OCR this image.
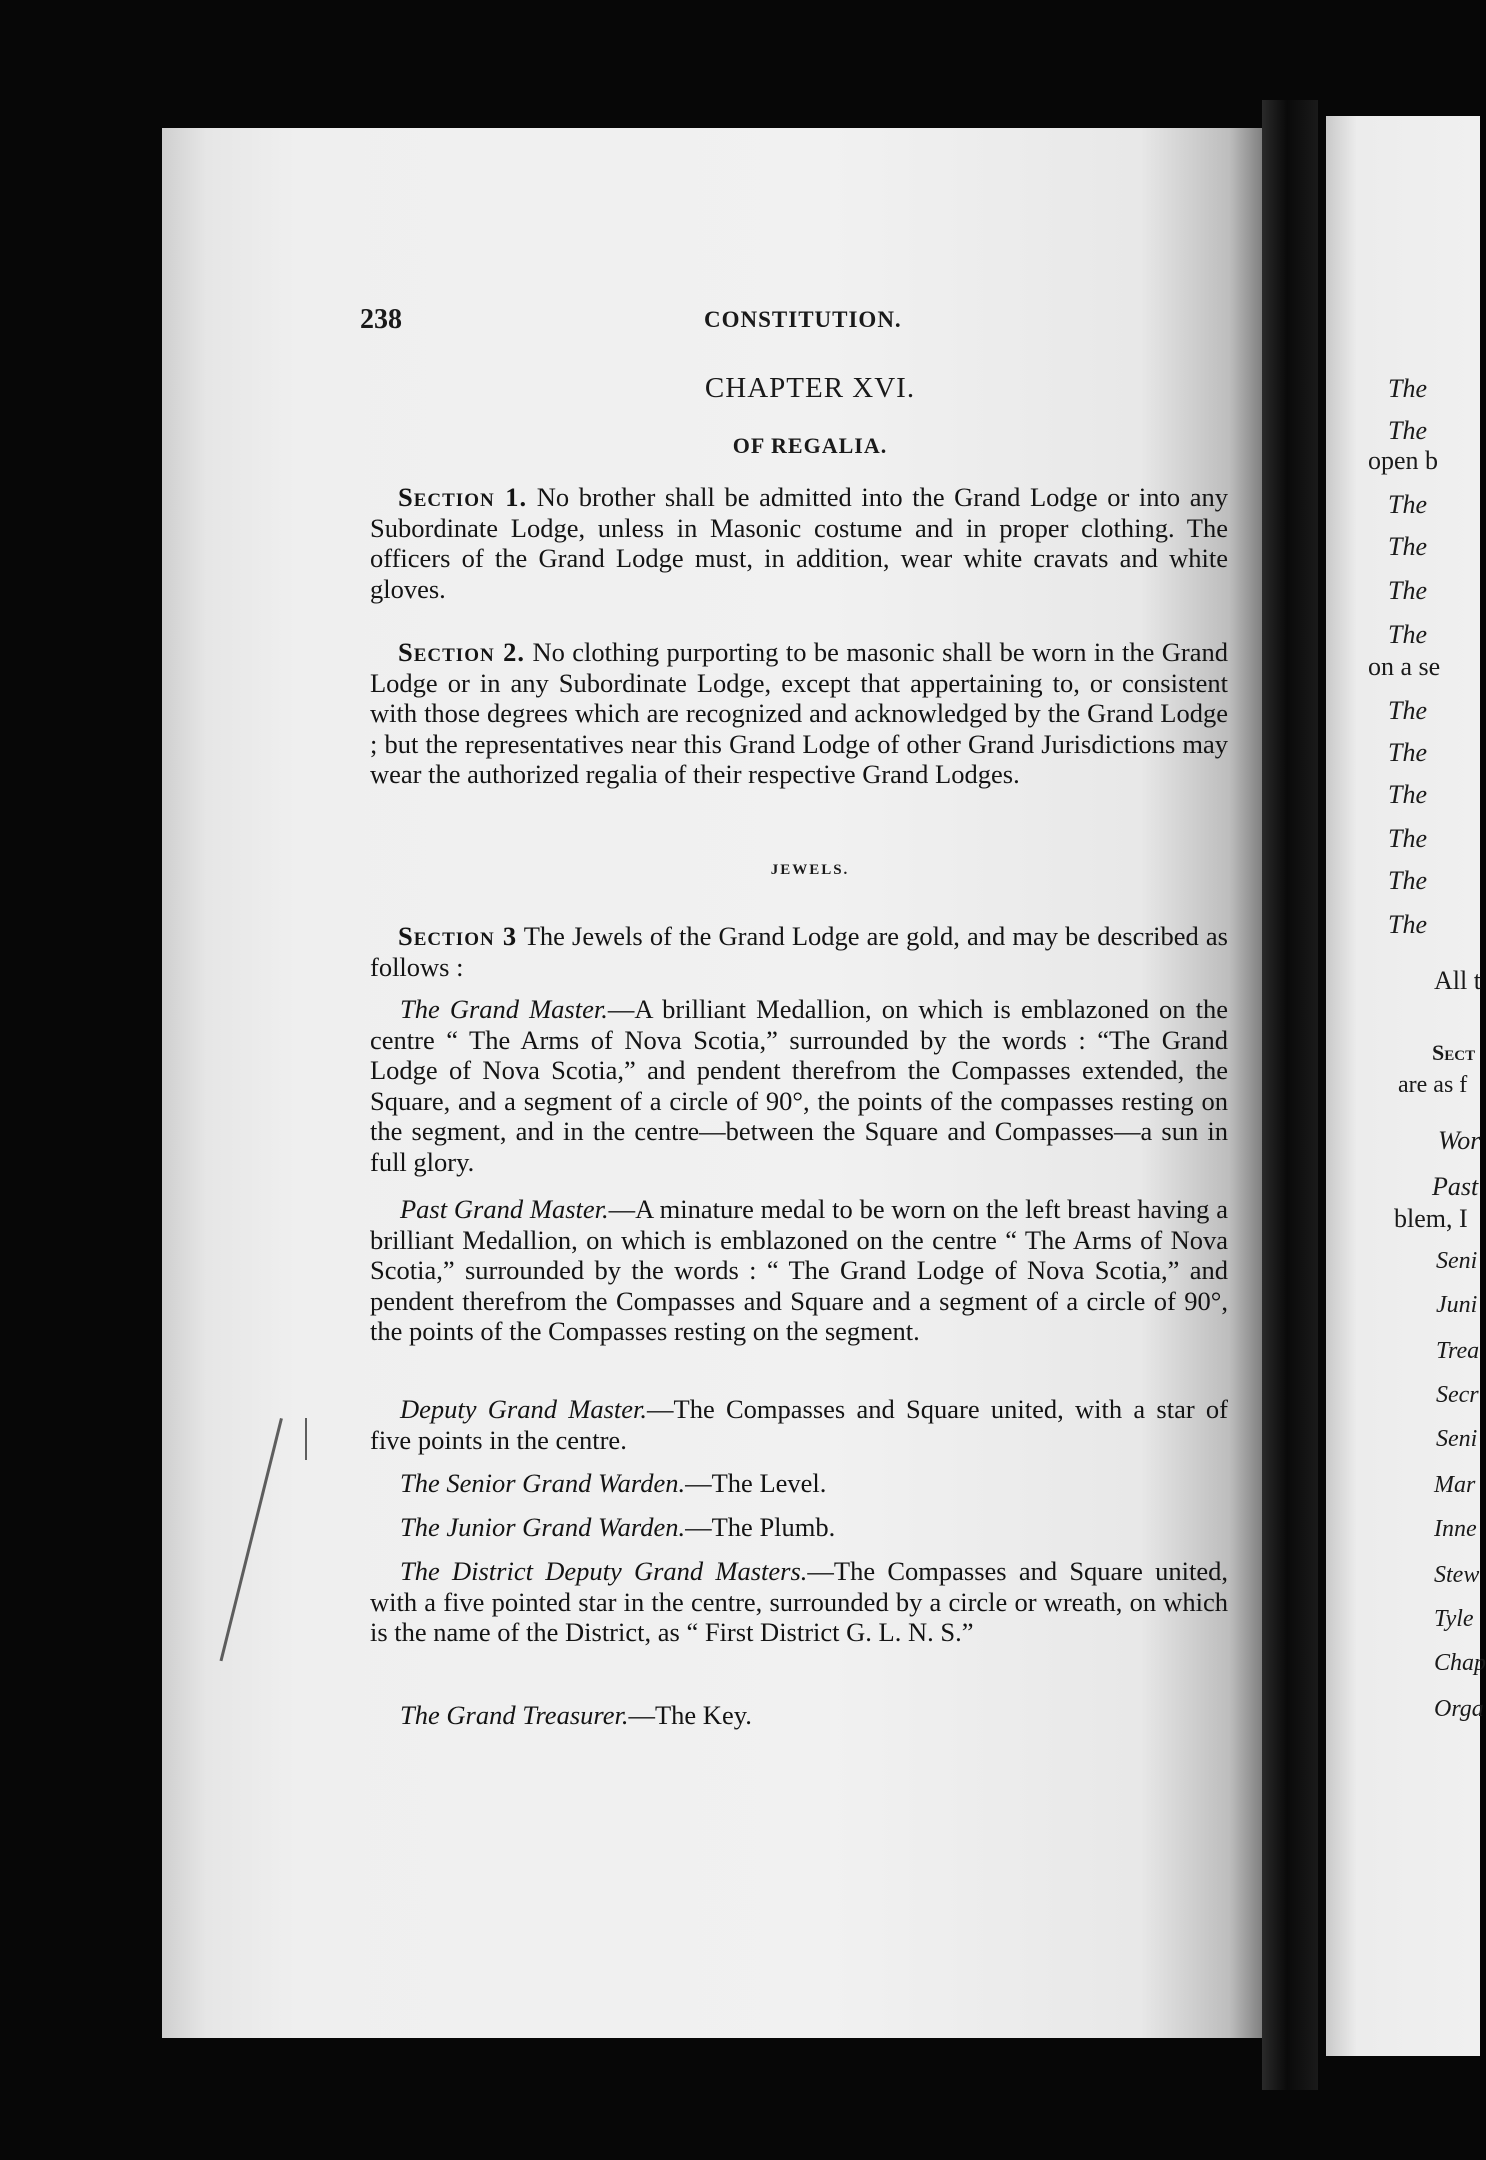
The
The
open b
The
The
The
The
on a se
The
The
The
The
The
The
All t
Sect
are as f
Wor
Past
blem, I
Seni
Juni
Trea
Secr
Seni
Mar
Inne
Stew
Tyle
Chap
Orga
238	CONSTITUTION.
CHAPTER XVI.
OF REGALIA.
Section 1. No brother shall be admitted into the Grand Lodge or into any Subordinate Lodge, unless in Masonic costume and in proper clothing. The officers of the Grand Lodge must, in addition, wear white cravats and white gloves.
Section 2. No clothing purporting to be masonic shall be worn in the Grand Lodge or in any Subordinate Lodge, except that appertaining to, or consistent with those degrees which are recognized and acknowledged by the Grand Lodge ; but the representatives near this Grand Lodge of other Grand Jurisdictions may wear the authorized regalia of their respective Grand Lodges.
JEWELS.
Section 3 The Jewels of the Grand Lodge are gold, and may be described as follows :
The Grand Master.—A brilliant Medallion, on which is emblazoned on the centre “ The Arms of Nova Scotia,” surrounded by the words : “The Grand Lodge of Nova Scotia,” and pendent therefrom the Compasses extended, the Square, and a segment of a circle of 90°, the points of the compasses resting on the segment, and in the centre—between the Square and Compasses—a sun in full glory.
Past Grand Master.—A minature medal to be worn on the left breast having a brilliant Medallion, on which is emblazoned on the centre “ The Arms of Nova Scotia,” surrounded by the words : “ The Grand Lodge of Nova Scotia,” and pendent therefrom the Compasses and Square and a segment of a circle of 90°, the points of the Compasses resting on the segment.
Deputy Grand Master.—The Compasses and Square united, with a star of five points in the centre.
The Senior Grand Warden.—The Level.
The Junior Grand Warden.—The Plumb.
The District Deputy Grand Masters.—The Compasses and Square united, with a five pointed star in the centre, surrounded by a circle or wreath, on which is the name of the District, as “ First District G. L. N. S.”
The Grand Treasurer.—The Key.
